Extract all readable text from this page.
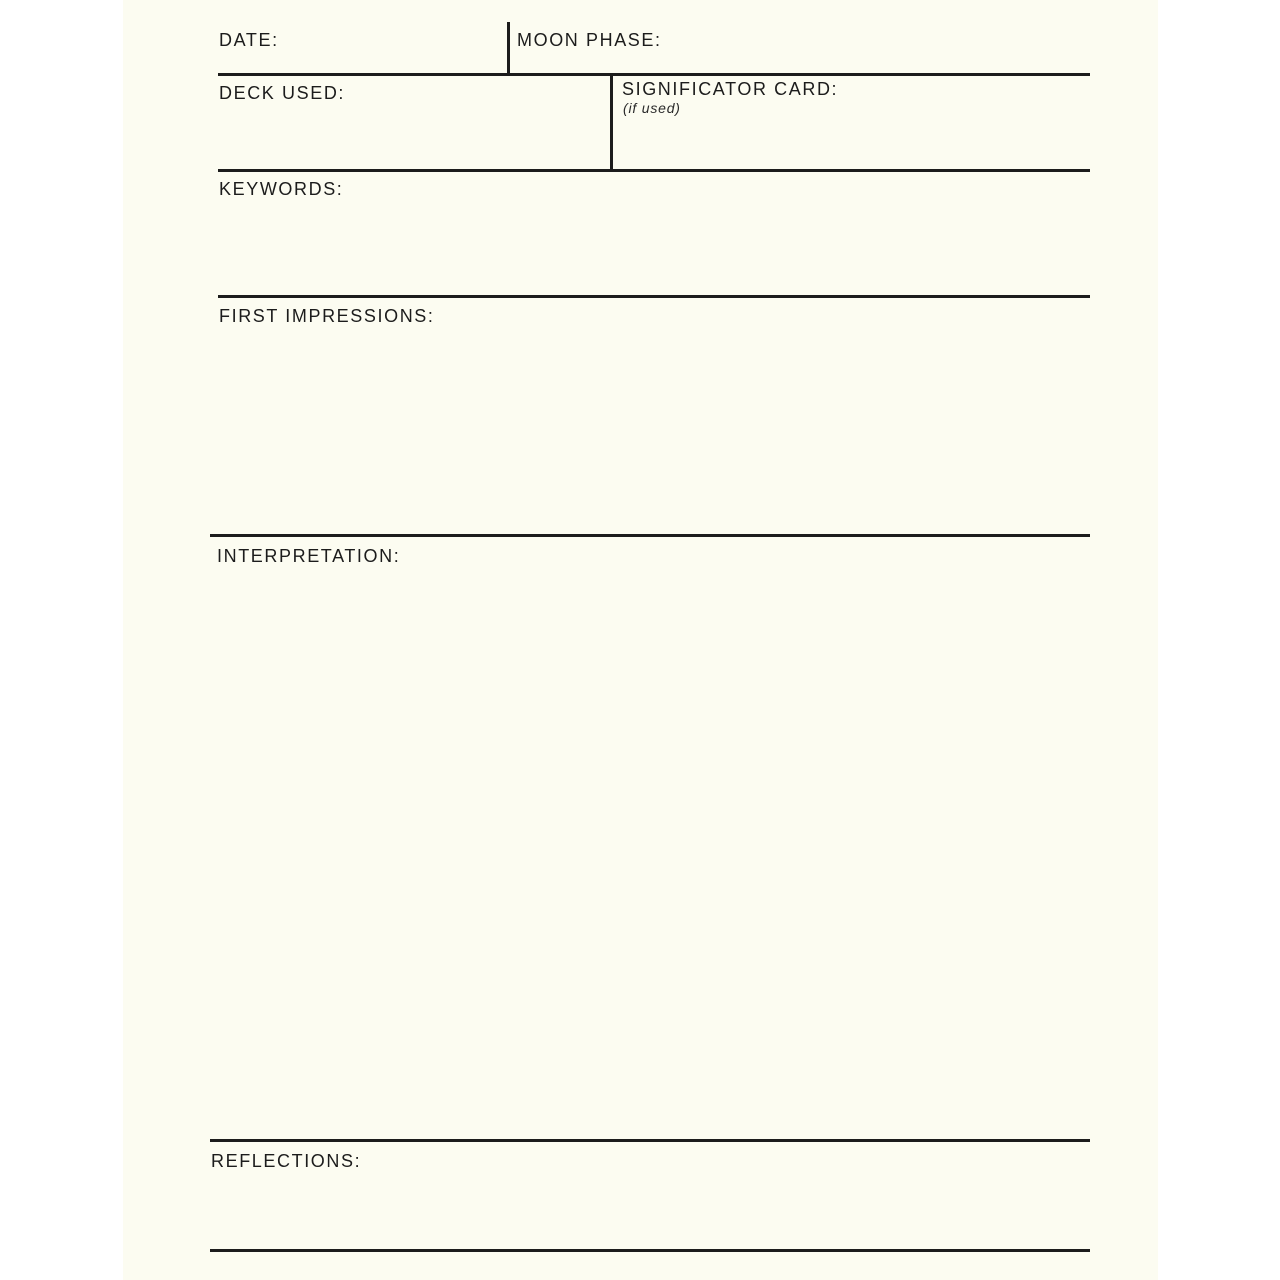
DATE:	MOON PHASE:
DECK USED:	SIGNIFICATOR CARD:
(if used)
KEYWORDS:
FIRST IMPRESSIONS:
INTERPRETATION:
REFLECTIONS:
